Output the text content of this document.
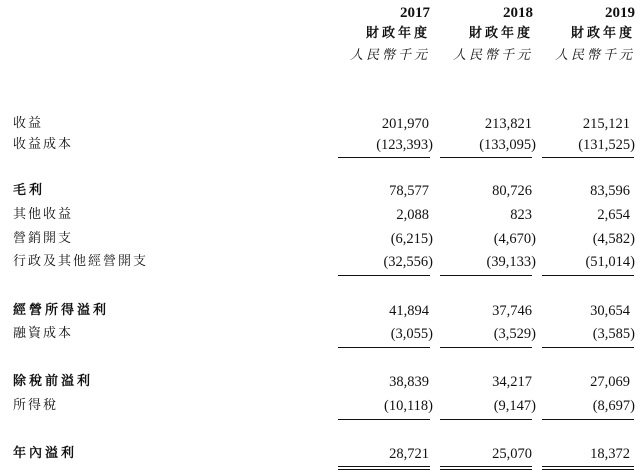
2017
財政年度
人民幣千元
2018
財政年度
人民幣千元
2019
財政年度
人民幣千元
收益	201,970	213,821	215,121
收益成本	(123,393)	(133,095)	(131,525)
毛利	78,577	80,726	83,596
其他收益	2,088	823	2,654
營銷開支	(6,215)	(4,670)	(4,582)
行政及其他經營開支	(32,556)	(39,133)	(51,014)
經營所得溢利	41,894	37,746	30,654
融資成本	(3,055)	(3,529)	(3,585)
除稅前溢利	38,839	34,217	27,069
所得稅	(10,118)	(9,147)	(8,697)
年內溢利	28,721	25,070	18,372
